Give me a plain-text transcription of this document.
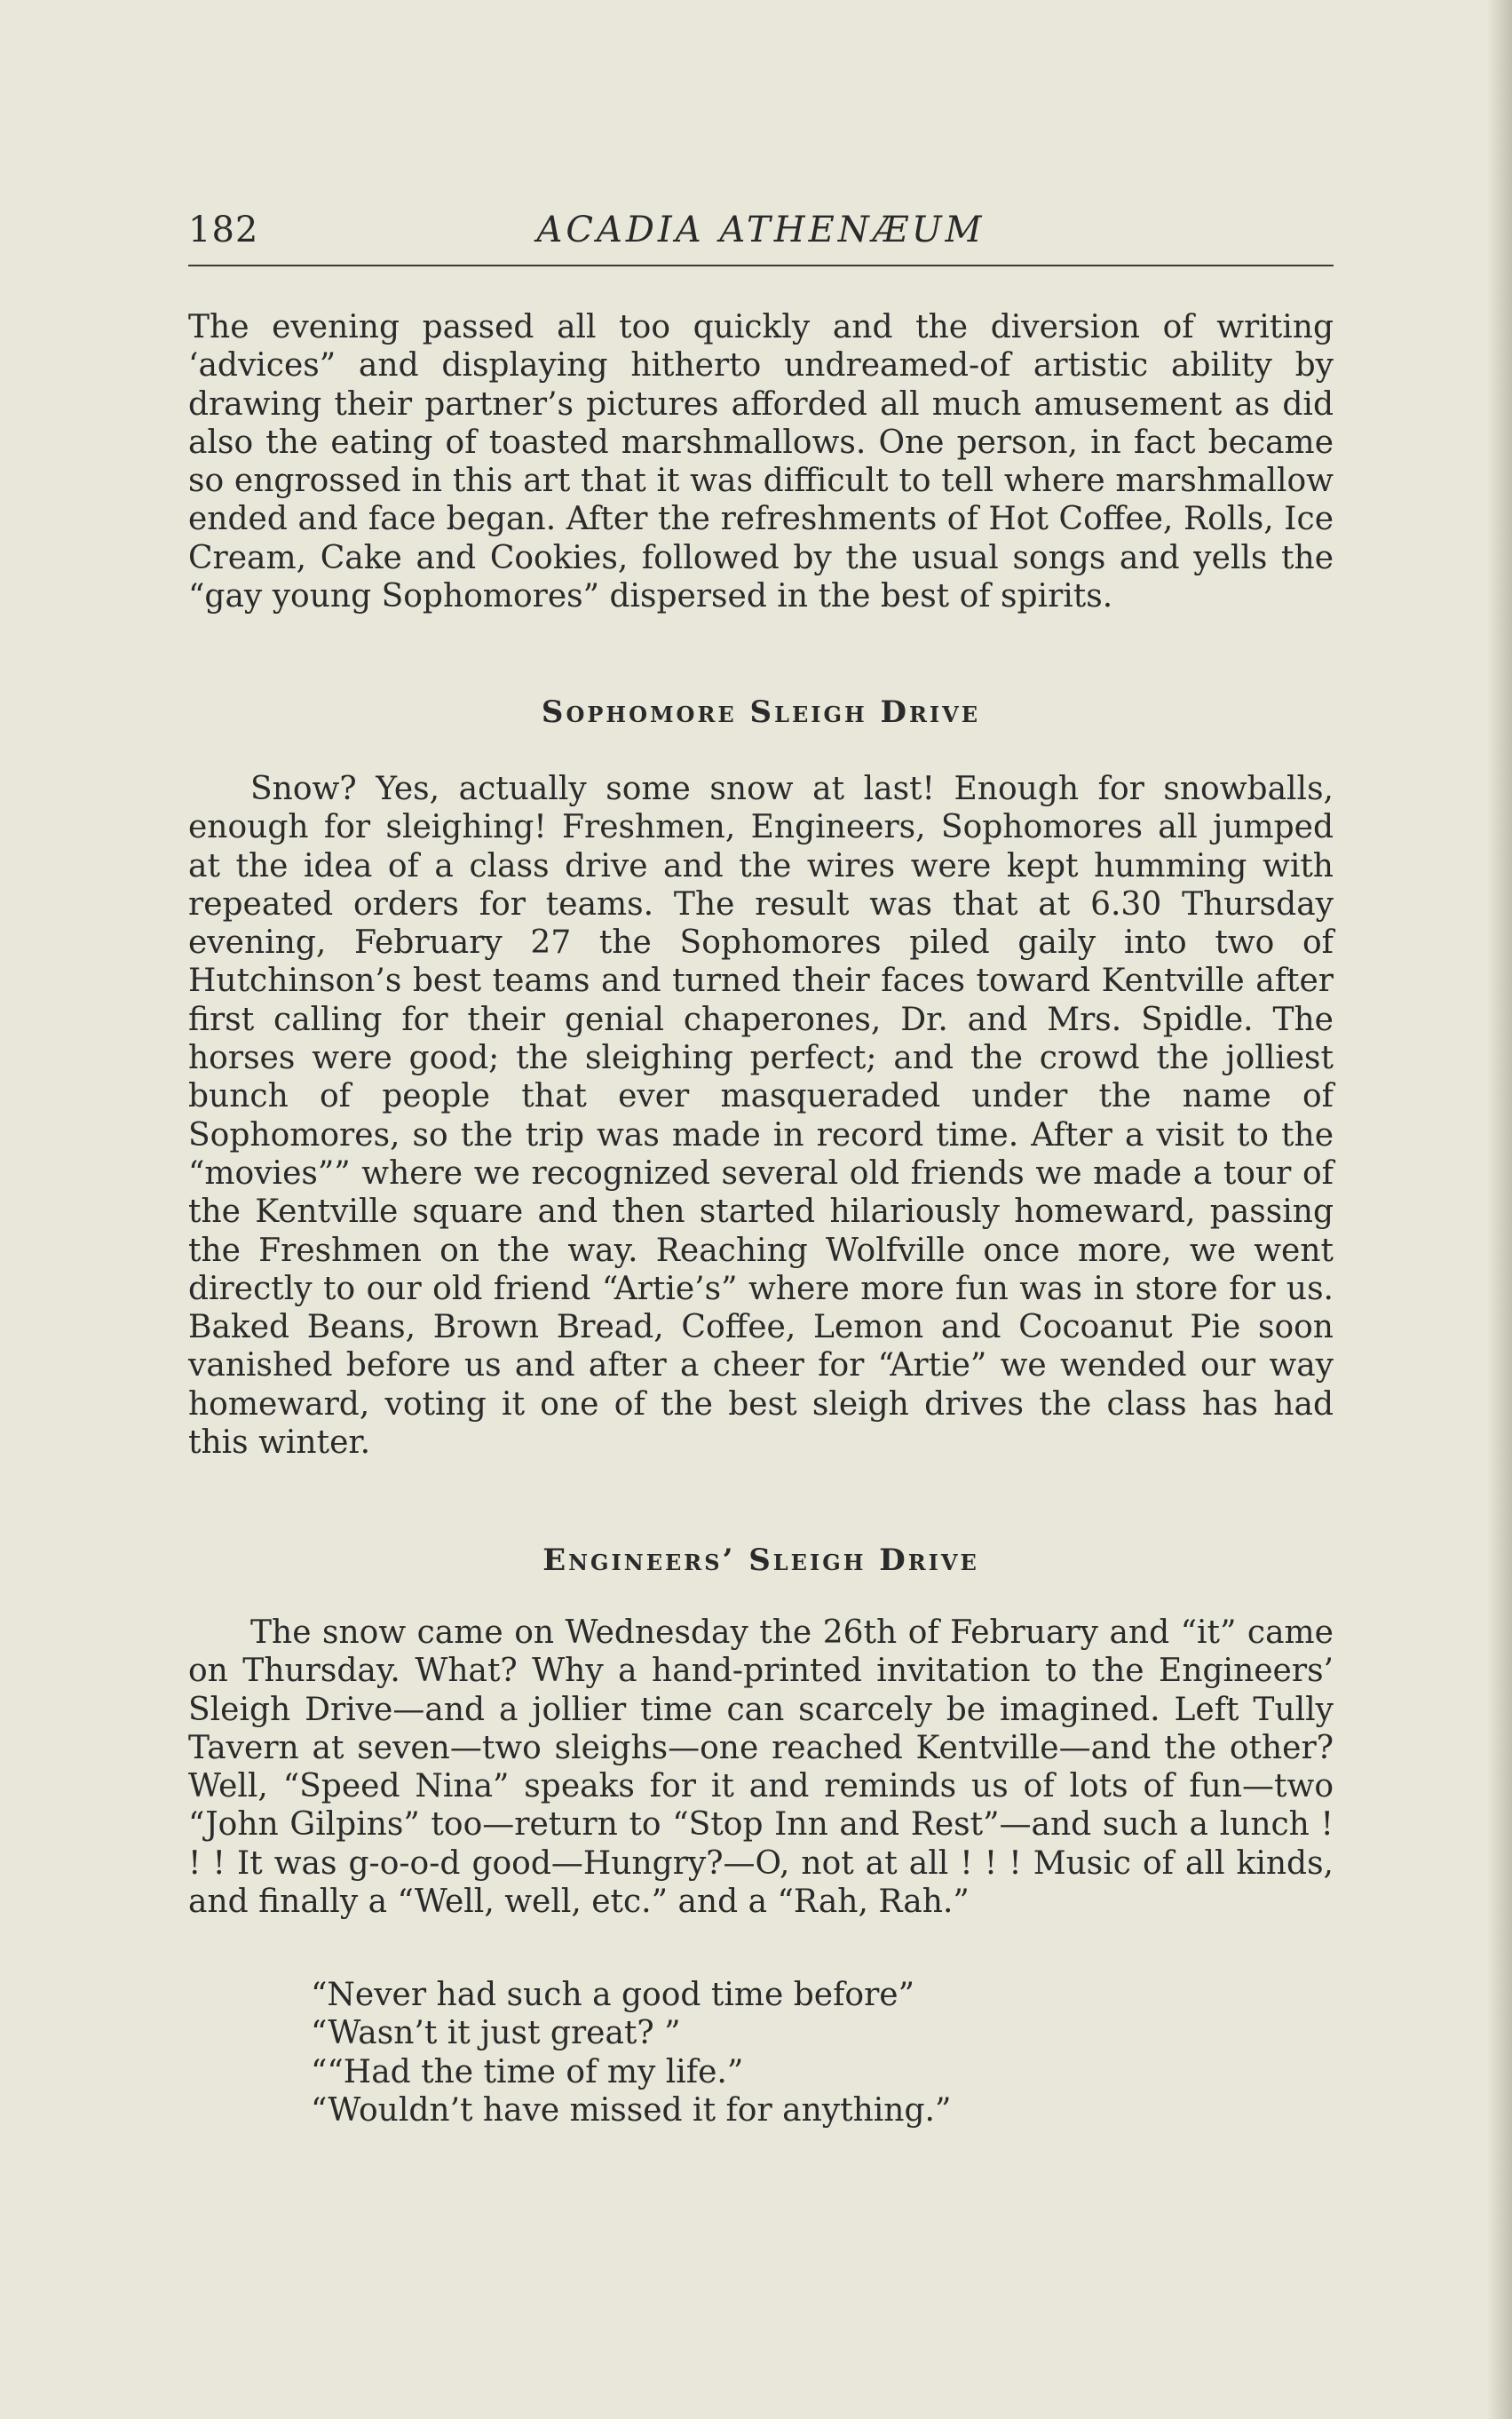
182	ACADIA ATHENÆUM

The evening passed all too quickly and the diversion of writing ‘advices” and displaying hitherto undreamed-of artistic ability by drawing their partner’s pictures afforded all much amusement as did also the eating of toasted marshmallows. One person, in fact became so engrossed in this art that it was difficult to tell where marshmallow ended and face began. After the refreshments of Hot Coffee, Rolls, Ice Cream, Cake and Cookies, followed by the usual songs and yells the “gay young Sophomores” dispersed in the best of spirits.

Sophomore Sleigh Drive

Snow? Yes, actually some snow at last! Enough for snowballs, enough for sleighing! Freshmen, Engineers, Sophomores all jumped at the idea of a class drive and the wires were kept humming with repeated orders for teams. The result was that at 6.30 Thursday evening, February 27 the Sophomores piled gaily into two of Hutchinson’s best teams and turned their faces toward Kentville after first calling for their genial chaperones, Dr. and Mrs. Spidle. The horses were good; the sleighing perfect; and the crowd the jolliest bunch of people that ever masqueraded under the name of Sophomores, so the trip was made in record time. After a visit to the “movies”” where we recognized several old friends we made a tour of the Kentville square and then started hilariously homeward, passing the Freshmen on the way. Reaching Wolfville once more, we went directly to our old friend “Artie’s” where more fun was in store for us. Baked Beans, Brown Bread, Coffee, Lemon and Cocoanut Pie soon vanished before us and after a cheer for “Artie” we wended our way homeward, voting it one of the best sleigh drives the class has had this winter.

Engineers’ Sleigh Drive

The snow came on Wednesday the 26th of February and “it” came on Thursday. What? Why a hand-printed invitation to the Engineers’ Sleigh Drive—and a jollier time can scarcely be imagined. Left Tully Tavern at seven—two sleighs—one reached Kentville—and the other? Well, “Speed Nina” speaks for it and reminds us of lots of fun—two “John Gilpins” too—return to “Stop Inn and Rest”—and such a lunch ! ! ! It was g-o-o-d good—Hungry?—O, not at all ! ! ! Music of all kinds, and finally a “Well, well, etc.” and a “Rah, Rah.”

“Never had such a good time before”
“Wasn’t it just great? ”
““Had the time of my life.”
“Wouldn’t have missed it for anything.”
